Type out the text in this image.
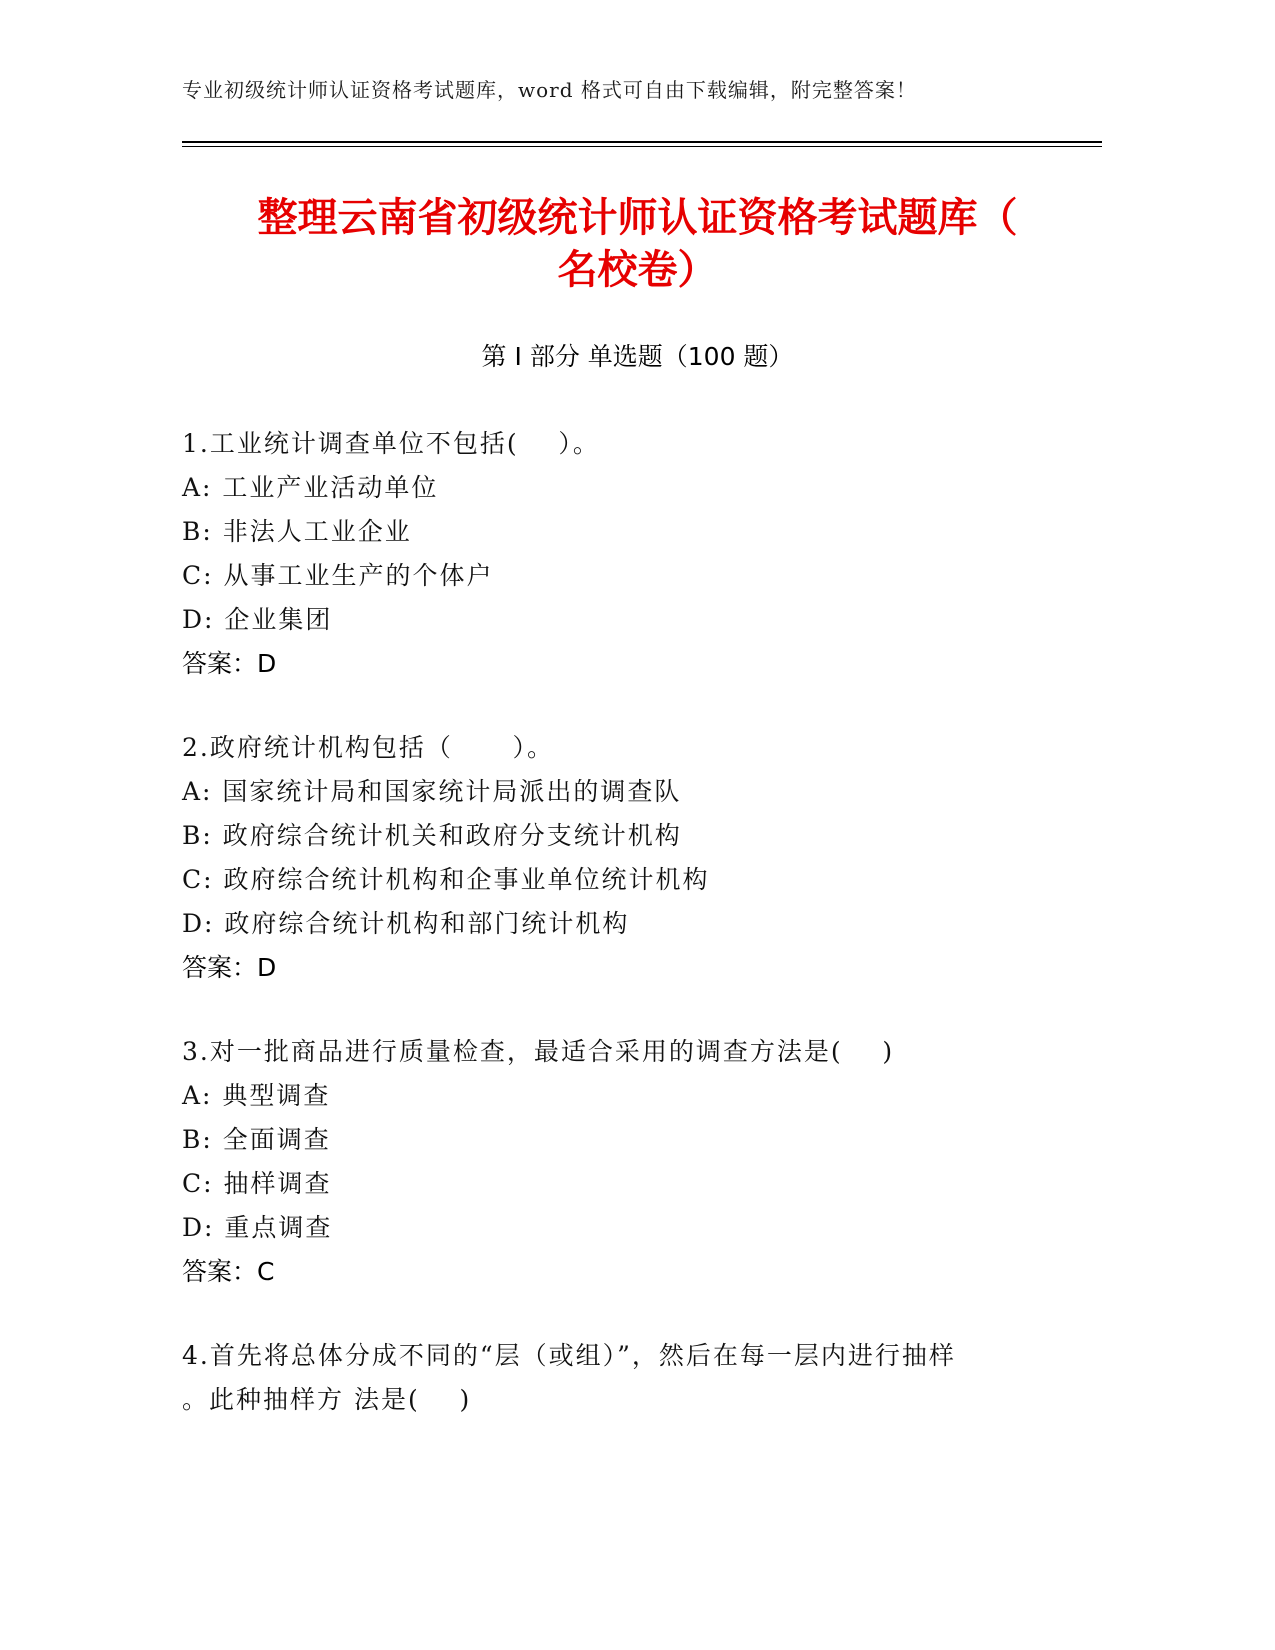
专业初级统计师认证资格考试题库，word 格式可自由下载编辑，附完整答案！
整理云南省初级统计师认证资格考试题库（
名校卷）
第 I 部分 单选题（100 题）
1.工业统计调查单位不包括(    ）。
A: 工业产业活动单位
B: 非法人工业企业
C: 从事工业生产的个体户
D: 企业集团
答案：D
2.政府统计机构包括（      ）。
A: 国家统计局和国家统计局派出的调查队
B: 政府综合统计机关和政府分支统计机构
C: 政府综合统计机构和企事业单位统计机构
D: 政府综合统计机构和部门统计机构
答案：D
3.对一批商品进行质量检查，最适合采用的调查方法是(    )
A: 典型调查
B: 全面调查
C: 抽样调查
D: 重点调查
答案：C
4.首先将总体分成不同的“层（或组）”，然后在每一层内进行抽样
。此种抽样方 法是(    )
